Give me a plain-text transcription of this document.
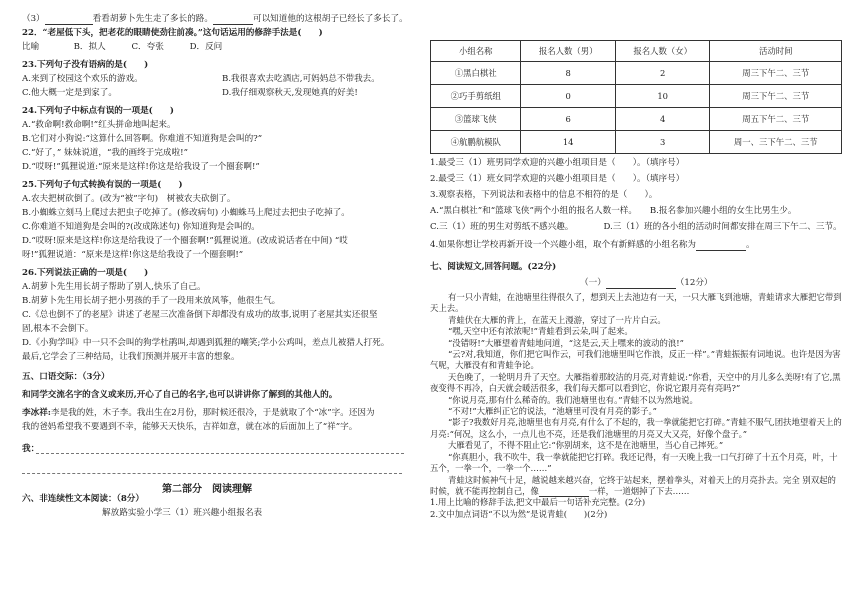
（3）	看看胡萝卜先生走了多长的路。	可以知道他的这根胡子已经长了多长了。
22．“老屋低下头，把老花的眼睛使劲往前凑。”这句话运用的修辞手法是(　　)
比喻　　　　B．拟人　　　C．夸张　　　D．反问
23.下列句子没有语病的是(　　)
A.来到了校园这个欢乐的游戏。	B.我很喜欢去吃酒店,可妈妈总不带我去。
C.他大概一定是到家了。	D.我仔细观察秋天,发现她真的好美!
24.下列句子中标点有误的一项是(　　)
A.“救命啊!救命啊!”红头拼命地叫起来。
B.它们对小狗说:“这算什么回答啊。你难道不知道狗是会叫的?”
C.“好了，” 妹妹说道，“我的画终于完成啦!”
D.“哎呀!”狐狸说道:“原来是这样!你这是给我设了一个圈套啊!”
25.下列句子句式转换有误的一项是(　　)
A.农夫把树砍倒了。(改为“被”字句)　树被农夫砍倒了。
B.小蜘蛛立刻马上爬过去把虫子吃掉了。(修改病句) 小蜘蛛马上爬过去把虫子吃掉了。
C.你难道不知道狗是会叫的?(改成陈述句) 你知道狗是会叫的。
D.“哎呀!原来是这样!你这是给我设了一个圈套啊!”狐狸说道。(改成说话者在中间) “哎
呀!”狐狸说道：“原来是这样!你这是给我设了一个圈套啊!”
26.下列说法正确的一项是(　　)
A.胡萝卜先生用长胡子帮助了别人,快乐了自己。
B.胡萝卜先生用长胡子把小男孩的手了一段用来放风筝，他很生气。
C.《总也倒不了的老屋》讲述了老屋三次准备倒下却都没有成功的故事,说明了老屋其实还很坚
固,根本不会倒下。
D.《小狗学叫》中一只不会叫的狗学杜鹃叫,却遇到狐狸的嘲笑;学小公鸡叫，差点儿被猎人打死。
最后,它学会了三种结局，让我们预测并展开丰富的想象。
五、口语交际：（3分）
和同学交流名字的含义或来历,开心了自己的名字,也可以讲讲你了解到的其他人的。
李冰祥:李是我的姓，木子李。我出生在2月份，那时候还很冷，于是就取了个“冰”字。还因为
我的爸妈希望我不要遇到不幸，能够天天快乐，吉祥如意，就在冰的后面加上了“祥”字。
我：
第二部分　阅读理解
六、非连续性文本阅读：（8分）
解放路实验小学三（1）班兴趣小组报名表
小组名称	报名人数（男）	报名人数（女）	活动时间
①黑白棋社	8	2	周三下午二、三节
②巧手剪纸组	0	10	周三下午二、三节
③篮球飞侠	6	4	周五下午二、三节
④航鹏航模队	14	3	周一、三下午二、三节
1.最受三（1）班男同学欢迎的兴趣小组项目是（　　）。（填序号）
2.最受三（1）班女同学欢迎的兴趣小组项目是（　　）。（填序号）
3.观察表格，下列说法和表格中的信息不相符的是（　　）。
A.“黑白棋社”和“篮球飞侠”两个小组的报名人数一样。　　B.报名参加兴趣小组的女生比男生少。
C.三（1）班的男生对剪纸不感兴趣。　　　　D.三（1）班的各小组的活动时间都安排在周三下午二、三节。
4.如果你想让学校再新开设一个兴趣小组，取个有新鲜感的小组名称为	。
七、阅读短文,回答问题。(22分)
（一）	（12分）

有一只小青蛙，在池塘里往得很久了，想到天上去池边有一天，一只大雁飞到池塘，青蛙请求大雁把它带到天上去。

青蛙伏在大雁的背上，在蓝天上漫游，穿过了一片片白云。

“嘿,天空中还有浓浓呢!”青蛙看到云朵,叫了起来。

“没错呀!”大雁望着青蛙地问道，“这是云,天上嘿来的波动的浪!”

“云?对,我知道，你们把它叫作云，可我们池塘里叫它作浪，反正一样”。”青蛙振振有词地说。也许是因为害气呢，大雁没有和青蛙争论。

天色晚了，一轮明月升了天空。大雁指着那皎洁的月亮,对青蛙说:“你看，天空中的月儿多么美呀!有了它,黑夜变得不再冷，白天就会暖活很多，我们每天都可以看到它，你说它跟月亮有亮吗?”

“你说月亮,那有什么稀奇的。我们池塘里也有。”青蛙不以为然地说。

“不对!”大雁纠正它的说法，“池塘里可没有月亮的影子。”

“影子?我数好月亮,池塘里也有月亮,有什么了不起的，我一拳就能把它打碎。”青蛙不服气,团扶地望着天上的月亮:“何况，这么小，一点儿也不亮，还是我们池塘里的月亮又大又亮，好像个盘子。”

大雁看见了，不得不阻止它:“你别胡来，这不是在池塘里，当心自己摔死。”

“你真胆小，我不吹牛，我一拳就能把它打碎。我还记得，有一天晚上我一口气打碎了十五个月亮，叶，十五个，一拳一个，一拳一个……”

青蛙这时候神气十足，越说越来越兴奋，它终于站起来，摆着拳头，对着天上的月亮扑去。完全 别双起的时候，就不能再控制自己，像	一样，一道烟掉了下去……

1.用上比喻的修辞手法,把文中最后一句话补充完整。(2分)

2.文中加点词语“不以为然”是说青蛙(　　)(2分)
